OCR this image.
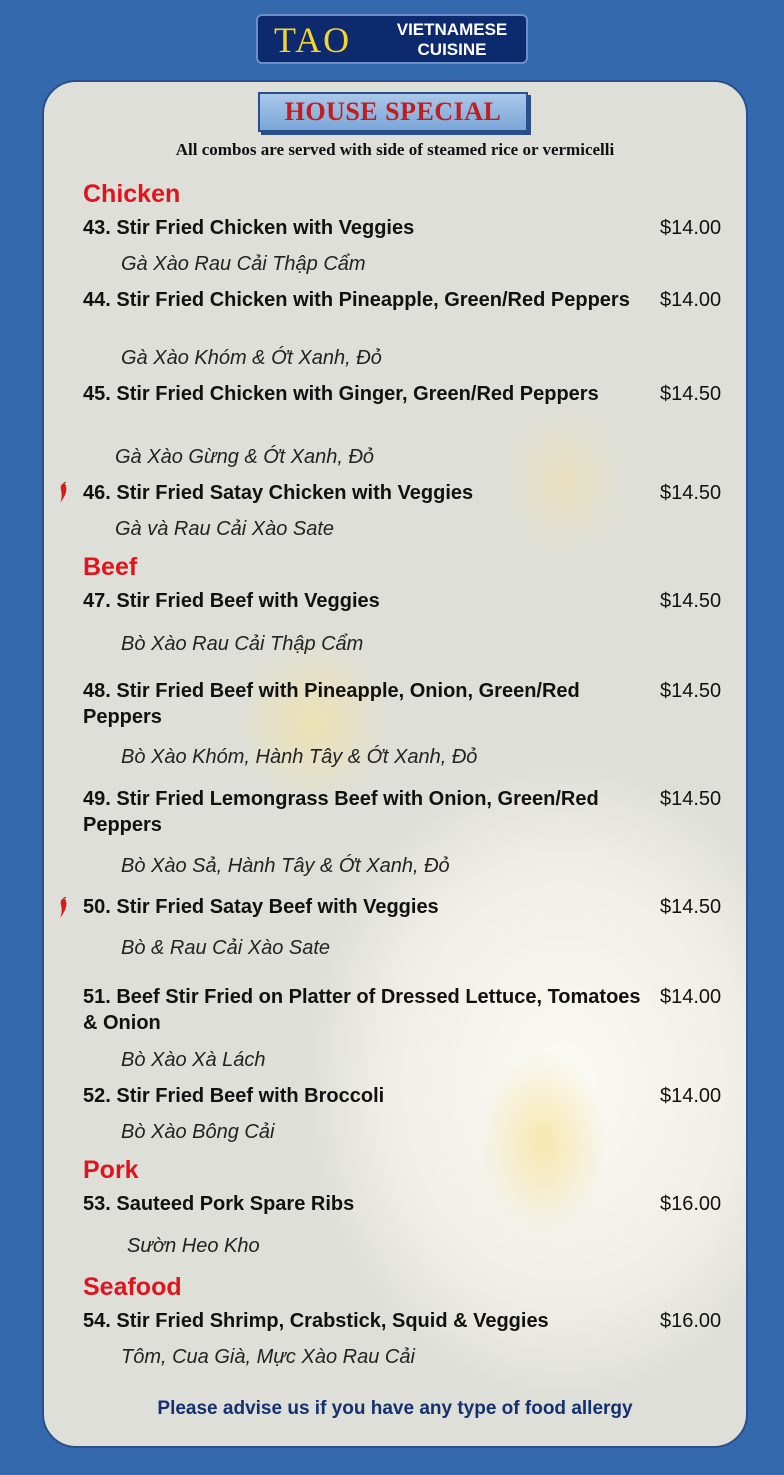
TAO	VIETNAMESE
CUISINE
HOUSE SPECIAL
All combos are served with side of steamed rice or vermicelli
Chicken
43. Stir Fried Chicken with Veggies	$14.00
Gà Xào Rau Cải Thập Cẩm
44. Stir Fried Chicken with Pineapple, Green/Red Peppers	$14.00
Gà Xào Khóm & Ớt Xanh, Đỏ
45. Stir Fried Chicken with Ginger, Green/Red Peppers	$14.50
Gà Xào Gừng & Ớt Xanh, Đỏ
46. Stir Fried Satay Chicken with Veggies	$14.50
Gà và Rau Cải Xào Sate
Beef
47. Stir Fried Beef with Veggies	$14.50
Bò Xào Rau Cải Thập Cẩm
48. Stir Fried Beef with Pineapple, Onion, Green/Red Peppers
$14.50
Bò Xào Khóm, Hành Tây & Ớt Xanh, Đỏ
49. Stir Fried Lemongrass Beef with Onion, Green/Red Peppers
$14.50
Bò Xào Sả, Hành Tây & Ớt Xanh, Đỏ
50. Stir Fried Satay Beef with Veggies	$14.50
Bò & Rau Cải Xào Sate
51. Beef Stir Fried on Platter of Dressed Lettuce, Tomatoes & Onion
$14.00
Bò Xào Xà Lách
52. Stir Fried Beef with Broccoli	$14.00
Bò Xào Bông Cải
Pork
53. Sauteed Pork Spare Ribs	$16.00
Sườn Heo Kho
Seafood
54. Stir Fried Shrimp, Crabstick, Squid & Veggies	$16.00
Tôm, Cua Già, Mực Xào Rau Cải
Please advise us if you have any type of food allergy
